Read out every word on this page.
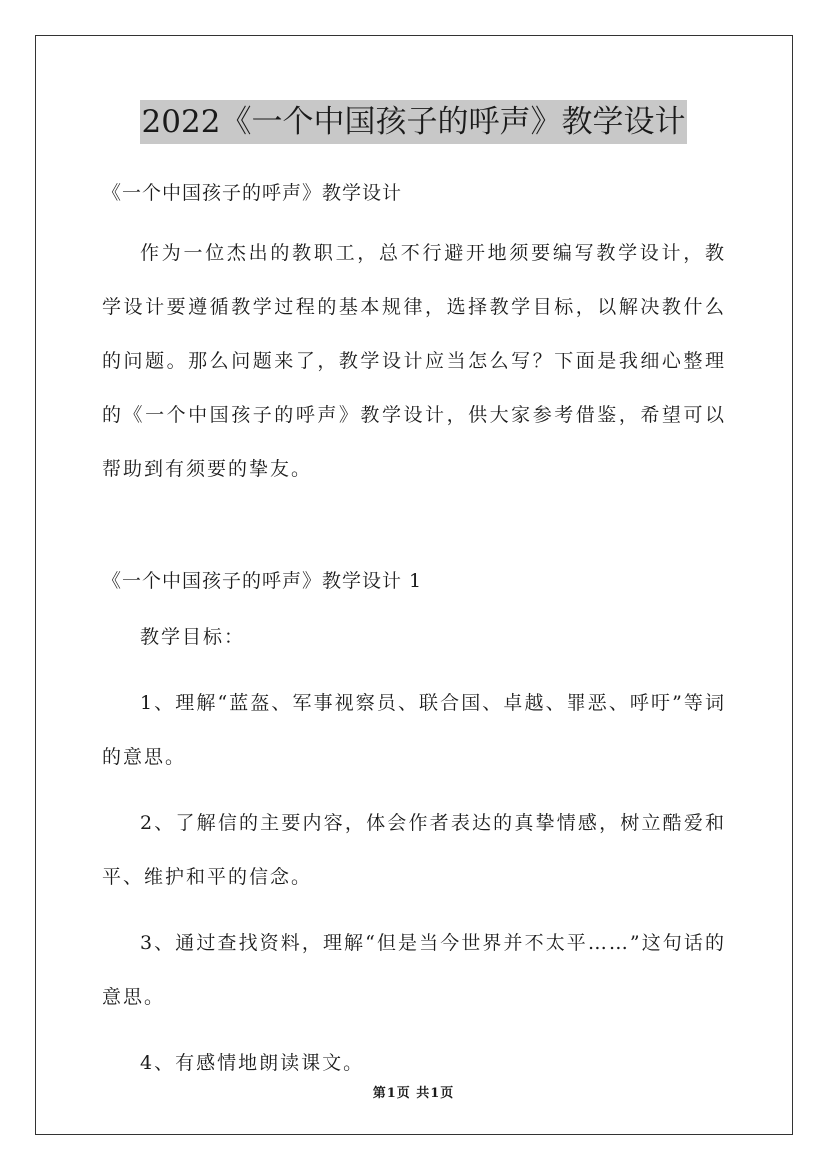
2022《一个中国孩子的呼声》教学设计

《一个中国孩子的呼声》教学设计

作为一位杰出的教职工，总不行避开地须要编写教学设计，教学设计要遵循教学过程的基本规律，选择教学目标，以解决教什么的问题。那么问题来了，教学设计应当怎么写？下面是我细心整理的《一个中国孩子的呼声》教学设计，供大家参考借鉴，希望可以帮助到有须要的挚友。

《一个中国孩子的呼声》教学设计 1

教学目标：

1、理解“蓝盔、军事视察员、联合国、卓越、罪恶、呼吁”等词的意思。

2、了解信的主要内容，体会作者表达的真挚情感，树立酷爱和平、维护和平的信念。

3、通过查找资料，理解“但是当今世界并不太平……”这句话的意思。

4、有感情地朗读课文。

第1页 共1页
